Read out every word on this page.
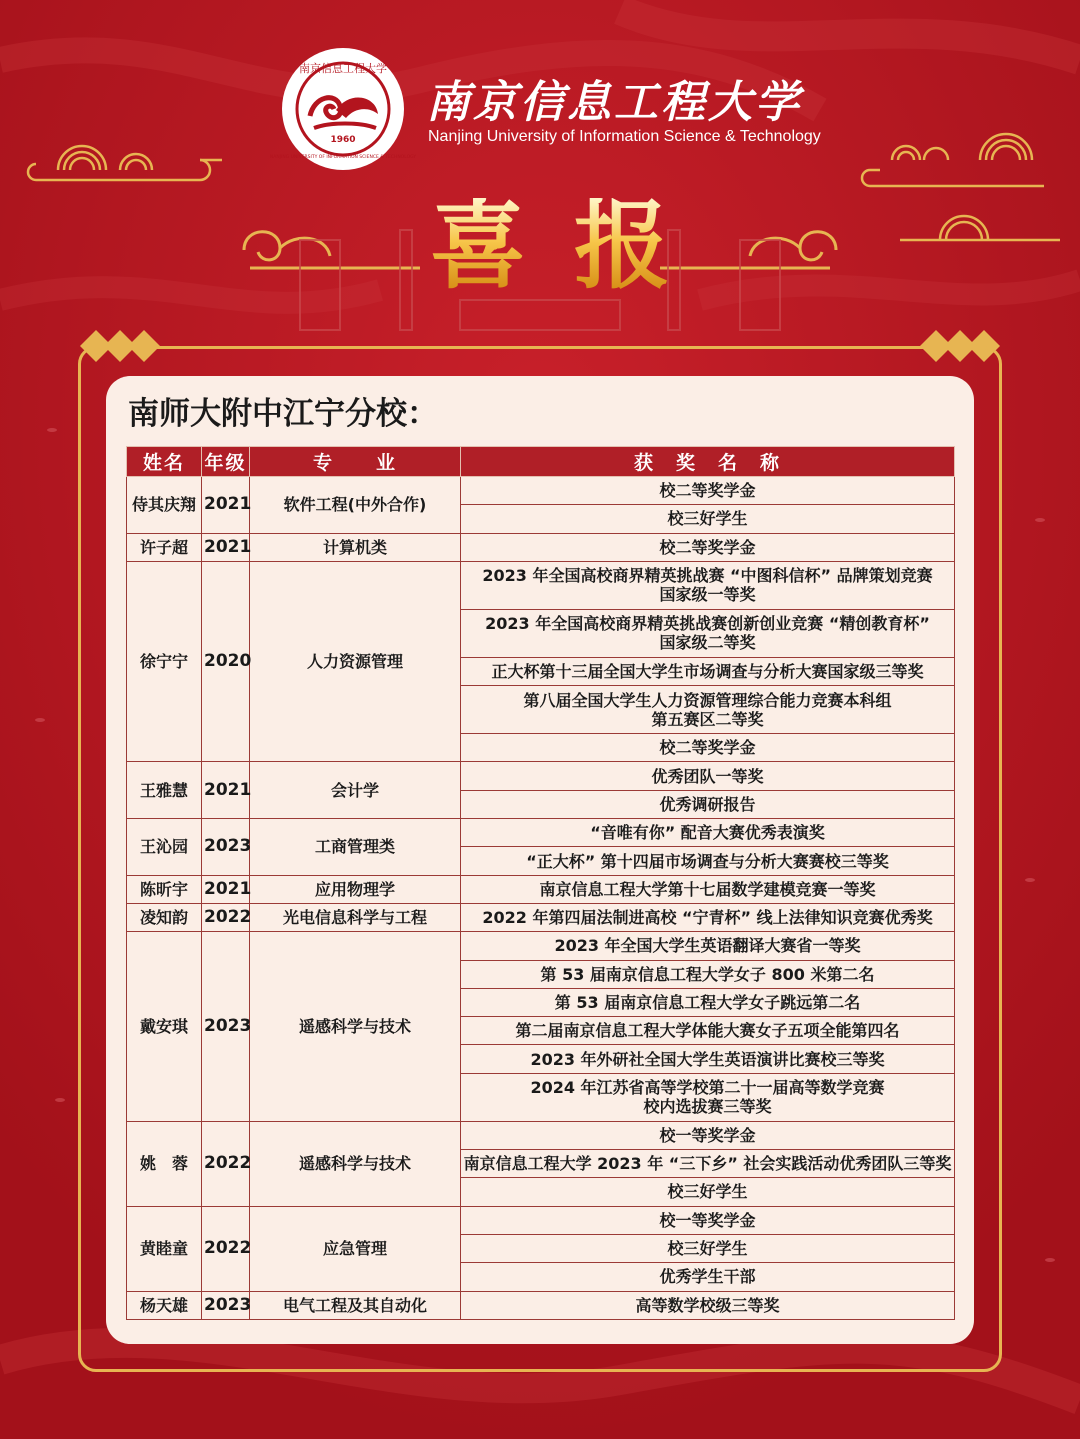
南京信息工程大学
1960
NANJING UNIVERSITY OF INFORMATION SCIENCE & TECHNOLOGY
南京信息工程大学
Nanjing University of Information Science & Technology
喜 报
南师大附中江宁分校：
姓名	年级	专　　业	获　奖　名　称
侍其庆翔	2021	软件工程(中外合作)	校二等奖学金

			校三好学生

许子超	2021	计算机类	校二等奖学金

徐宁宁	2020	人力资源管理	2023 年全国高校商界精英挑战赛 “中图科信杯” 品牌策划竞赛
国家级一等奖

			2023 年全国高校商界精英挑战赛创新创业竞赛 “精创教育杯”
国家级二等奖

			正大杯第十三届全国大学生市场调查与分析大赛国家级三等奖

			第八届全国大学生人力资源管理综合能力竞赛本科组
第五赛区二等奖

			校二等奖学金

王雅慧	2021	会计学	优秀团队一等奖

			优秀调研报告

王沁园	2023	工商管理类	“音唯有你” 配音大赛优秀表演奖

			“正大杯” 第十四届市场调查与分析大赛赛校三等奖

陈昕宇	2021	应用物理学	南京信息工程大学第十七届数学建模竞赛一等奖

凌知韵	2022	光电信息科学与工程	2022 年第四届法制进高校 “宁青杯” 线上法律知识竞赛优秀奖

戴安琪	2023	遥感科学与技术	2023 年全国大学生英语翻译大赛省一等奖

			第 53 届南京信息工程大学女子 800 米第二名

			第 53 届南京信息工程大学女子跳远第二名

			第二届南京信息工程大学体能大赛女子五项全能第四名

			2023 年外研社全国大学生英语演讲比赛校三等奖

			2024 年江苏省高等学校第二十一届高等数学竞赛
校内选拔赛三等奖

姚　蓉	2022	遥感科学与技术	校一等奖学金

			南京信息工程大学 2023 年 “三下乡” 社会实践活动优秀团队三等奖

			校三好学生

黄睦童	2022	应急管理	校一等奖学金

			校三好学生

			优秀学生干部

杨天雄	2023	电气工程及其自动化	高等数学校级三等奖
